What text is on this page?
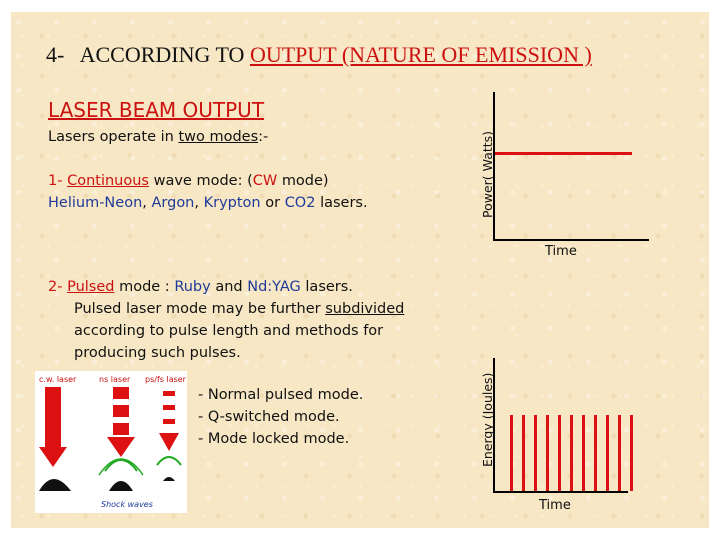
4- ACCORDING TO OUTPUT (NATURE OF EMISSION )
LASER BEAM OUTPUT
Lasers operate in two modes:-
1- Continuous wave mode: (CW mode)
Helium-Neon, Argon, Krypton or CO2 lasers.
2- Pulsed mode : Ruby and Nd:YAG lasers.
Pulsed laser mode may be further subdivided
according to pulse length and methods for
producing such pulses.
- Normal pulsed mode.
- Q-switched mode.
- Mode locked mode.
c.w. laser	ns laser ps/fs laser
Shock waves
Power( Watts)
Time
Energy (Joules)
Time
